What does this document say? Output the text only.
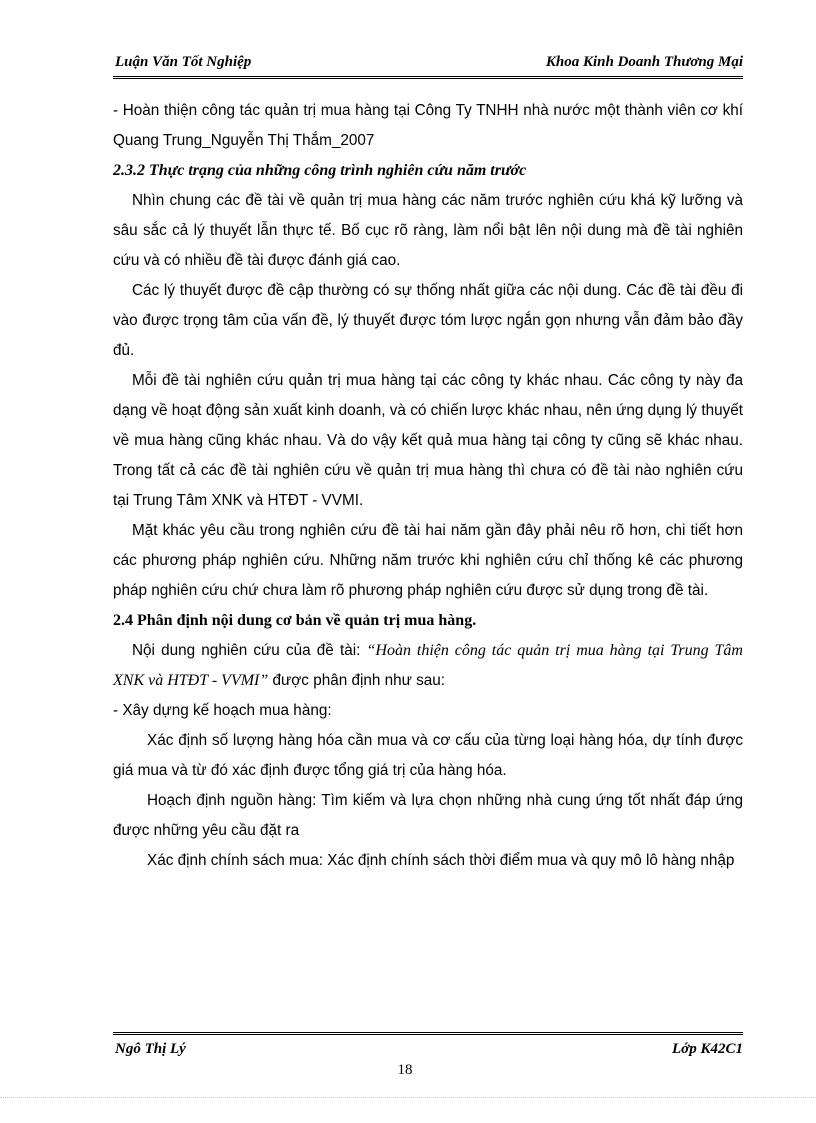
Luận Văn Tốt Nghiệp	Khoa Kinh Doanh Thương Mại

- Hoàn thiện công tác quản trị mua hàng tại Công Ty TNHH nhà nước một thành viên cơ khí Quang Trung_Nguyễn Thị Thắm_2007

2.3.2 Thực trạng của những công trình nghiên cứu năm trước

Nhìn chung các đề tài về quản trị mua hàng các năm trước nghiên cứu khá kỹ lưỡng và sâu sắc cả lý thuyết lẫn thực tế. Bố cục rõ ràng, làm nổi bật lên nội dung mà đề tài nghiên cứu và có nhiều đề tài được đánh giá cao.

Các lý thuyết được đề cập thường có sự thống nhất giữa các nội dung. Các đề tài đều đi vào được trọng tâm của vấn đề, lý thuyết được tóm lược ngắn gọn nhưng vẫn đảm bảo đầy đủ.

Mỗi đề tài nghiên cứu quản trị mua hàng tại các công ty khác nhau. Các công ty này đa dạng về hoạt động sản xuất kinh doanh, và có chiến lược khác nhau, nên ứng dụng lý thuyết về mua hàng cũng khác nhau. Và do vậy kết quả mua hàng tại công ty cũng sẽ khác nhau. Trong tất cả các đề tài nghiên cứu về quản trị mua hàng thì chưa có đề tài nào nghiên cứu tại Trung Tâm XNK và HTĐT - VVMI.

Mặt khác yêu cầu trong nghiên cứu đề tài hai năm gần đây phải nêu rõ hơn, chi tiết hơn các phương pháp nghiên cứu. Những năm trước khi nghiên cứu chỉ thống kê các phương pháp nghiên cứu chứ chưa làm rõ phương pháp nghiên cứu được sử dụng trong đề tài.

2.4 Phân định nội dung cơ bản về quản trị mua hàng.

Nội dung nghiên cứu của đề tài: “Hoàn thiện công tác quản trị mua hàng tại Trung Tâm XNK và HTĐT - VVMI” được phân định như sau:

- Xây dựng kế hoạch mua hàng:

Xác định số lượng hàng hóa cần mua và cơ cấu của từng loại hàng hóa, dự tính được giá mua và từ đó xác định được tổng giá trị của hàng hóa.

Hoạch định nguồn hàng: Tìm kiếm và lựa chọn những nhà cung ứng tốt nhất đáp ứng được những yêu cầu đặt ra

Xác định chính sách mua: Xác định chính sách thời điểm mua và quy mô lô hàng nhập

Ngô Thị Lý	Lớp K42C1
18
